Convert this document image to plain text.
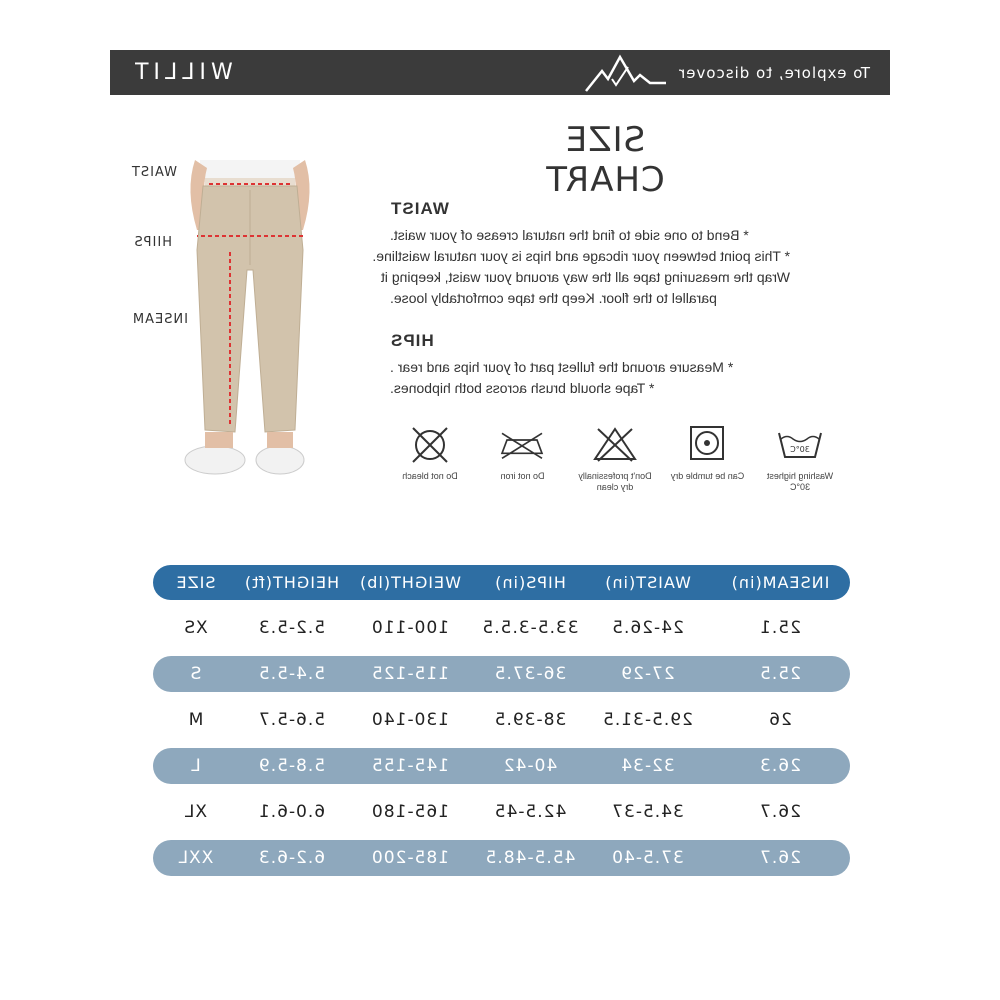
To explore, to discover
WILLIT
SIZE CHART
WAIST
HIIPS
INSEAM
WAIST
* Bend to one side to find the natural crease of your waist.
* This point between your ribcage and hips is your natural waistline.
Wrap the measuring tape all the way around your waist, keeping it
parallel to the floor. Keep the tape comfortably loose.
HIPS
* Measure around the fullest part of your hips and rear .
* Tape should brush across both hipbones.
30°C
Washing highest 30°C
Can be tumble dry
Don't professinally dry clean
Do not iron
Do not bleach
INSEAM(in)
WAIST(in)
HIPS(in)
WEIGHT(lb)
HEIGHT(ft)
SIZE
25.1
24-26.5
33.5-3.5.5
100-110
5.2-5.3
XS
25.5
27-29
36-37.5
115-125
5.4-5.5
S
26
29.5-31.5
38-39.5
130-140
5.6-5.7
M
26.3
32-34
40-42
145-155
5.8-5.9
L
26.7
34.5-37
42.5-45
165-180
6.0-6.1
XL
26.7
37.5-40
45.5-48.5
185-200
6.2-6.3
XXL
